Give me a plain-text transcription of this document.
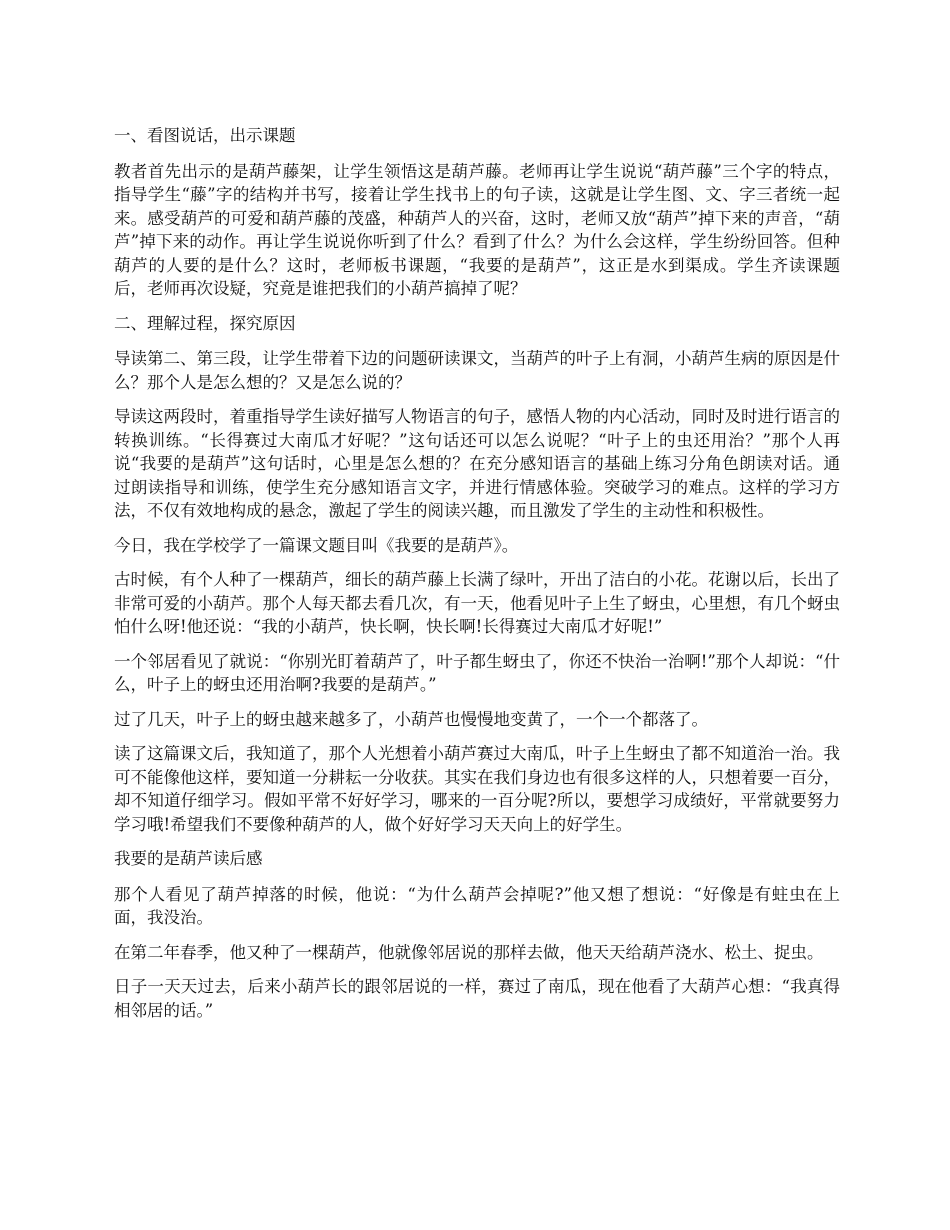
一、看图说话，出示课题

教者首先出示的是葫芦藤架，让学生领悟这是葫芦藤。老师再让学生说说“葫芦藤”三个字的特点，指导学生“藤”字的结构并书写，接着让学生找书上的句子读，这就是让学生图、文、字三者统一起来。感受葫芦的可爱和葫芦藤的茂盛，种葫芦人的兴奋，这时，老师又放“葫芦”掉下来的声音，“葫芦”掉下来的动作。再让学生说说你听到了什么？看到了什么？为什么会这样，学生纷纷回答。但种葫芦的人要的是什么？这时，老师板书课题，“我要的是葫芦”，这正是水到渠成。学生齐读课题后，老师再次设疑，究竟是谁把我们的小葫芦搞掉了呢？

二、理解过程，探究原因

导读第二、第三段，让学生带着下边的问题研读课文，当葫芦的叶子上有洞，小葫芦生病的原因是什么？那个人是怎么想的？又是怎么说的？

导读这两段时，着重指导学生读好描写人物语言的句子，感悟人物的内心活动，同时及时进行语言的转换训练。“长得赛过大南瓜才好呢？”这句话还可以怎么说呢？“叶子上的虫还用治？”那个人再说“我要的是葫芦”这句话时，心里是怎么想的？在充分感知语言的基础上练习分角色朗读对话。通过朗读指导和训练，使学生充分感知语言文字，并进行情感体验。突破学习的难点。这样的学习方法，不仅有效地构成的悬念，激起了学生的阅读兴趣，而且激发了学生的主动性和积极性。

今日，我在学校学了一篇课文题目叫《我要的是葫芦》。

古时候，有个人种了一棵葫芦，细长的葫芦藤上长满了绿叶，开出了洁白的小花。花谢以后，长出了非常可爱的小葫芦。那个人每天都去看几次，有一天，他看见叶子上生了蚜虫，心里想，有几个蚜虫怕什么呀!他还说：“我的小葫芦，快长啊，快长啊!长得赛过大南瓜才好呢!”

一个邻居看见了就说：“你别光盯着葫芦了，叶子都生蚜虫了，你还不快治一治啊!”那个人却说：“什么，叶子上的蚜虫还用治啊?我要的是葫芦。”

过了几天，叶子上的蚜虫越来越多了，小葫芦也慢慢地变黄了，一个一个都落了。

读了这篇课文后，我知道了，那个人光想着小葫芦赛过大南瓜，叶子上生蚜虫了都不知道治一治。我可不能像他这样，要知道一分耕耘一分收获。其实在我们身边也有很多这样的人，只想着要一百分，却不知道仔细学习。假如平常不好好学习，哪来的一百分呢?所以，要想学习成绩好，平常就要努力学习哦!希望我们不要像种葫芦的人，做个好好学习天天向上的好学生。

我要的是葫芦读后感

那个人看见了葫芦掉落的时候，他说：“为什么葫芦会掉呢?”他又想了想说：“好像是有蛀虫在上面，我没治。

在第二年春季，他又种了一棵葫芦，他就像邻居说的那样去做，他天天给葫芦浇水、松土、捉虫。

日子一天天过去，后来小葫芦长的跟邻居说的一样，赛过了南瓜，现在他看了大葫芦心想：“我真得相邻居的话。”
